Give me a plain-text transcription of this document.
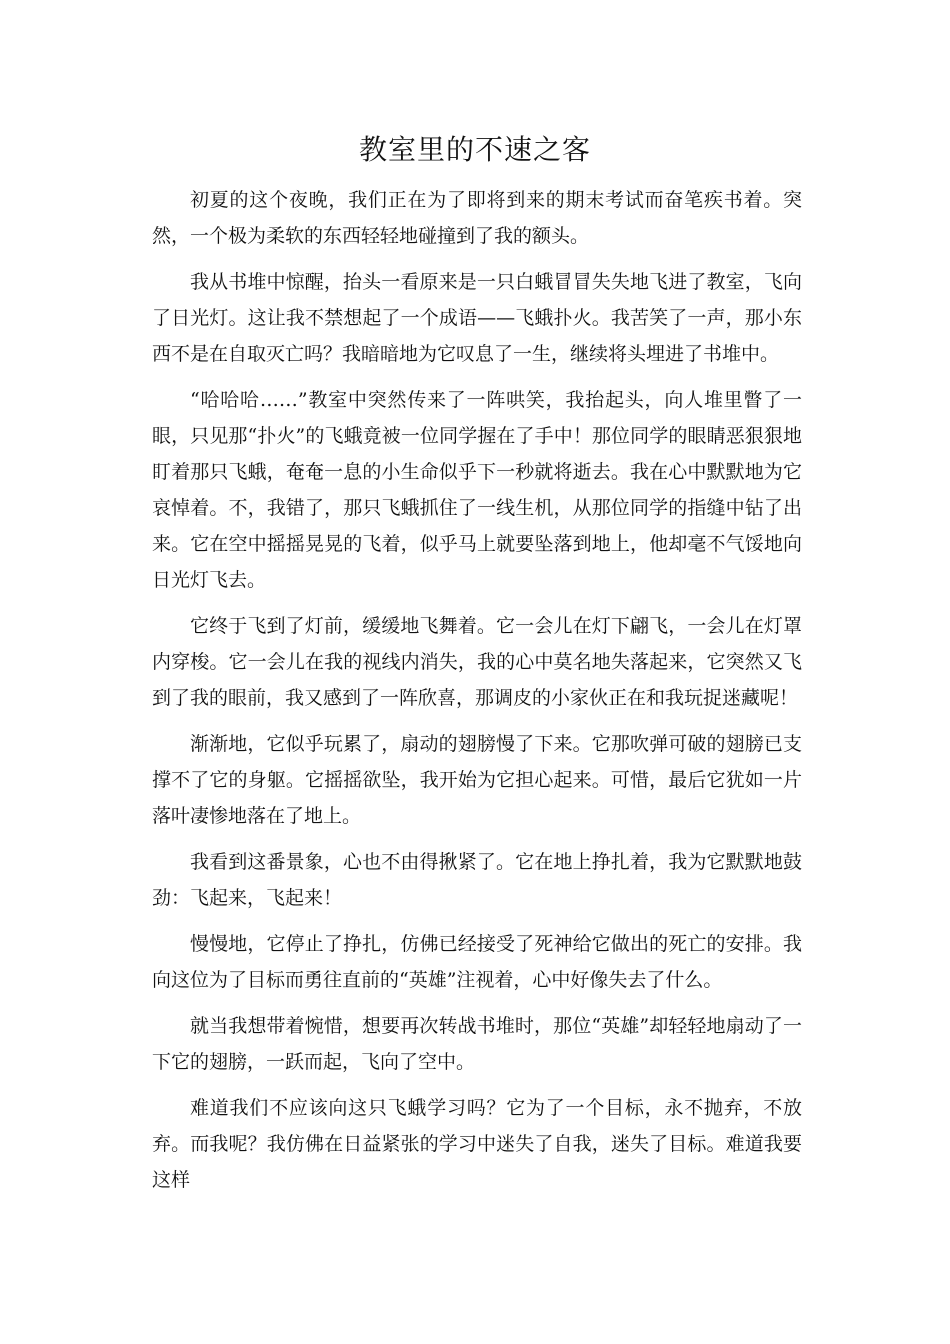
教室里的不速之客

初夏的这个夜晚，我们正在为了即将到来的期末考试而奋笔疾书着。突然，一个极为柔软的东西轻轻地碰撞到了我的额头。

我从书堆中惊醒，抬头一看原来是一只白蛾冒冒失失地飞进了教室，飞向了日光灯。这让我不禁想起了一个成语——飞蛾扑火。我苦笑了一声，那小东西不是在自取灭亡吗？我暗暗地为它叹息了一生，继续将头埋进了书堆中。

“哈哈哈……”教室中突然传来了一阵哄笑，我抬起头，向人堆里瞥了一眼，只见那“扑火”的飞蛾竟被一位同学握在了手中！那位同学的眼睛恶狠狠地盯着那只飞蛾，奄奄一息的小生命似乎下一秒就将逝去。我在心中默默地为它哀悼着。不，我错了，那只飞蛾抓住了一线生机，从那位同学的指缝中钻了出来。它在空中摇摇晃晃的飞着，似乎马上就要坠落到地上，他却毫不气馁地向日光灯飞去。

它终于飞到了灯前，缓缓地飞舞着。它一会儿在灯下翩飞，一会儿在灯罩内穿梭。它一会儿在我的视线内消失，我的心中莫名地失落起来，它突然又飞到了我的眼前，我又感到了一阵欣喜，那调皮的小家伙正在和我玩捉迷藏呢！

渐渐地，它似乎玩累了，扇动的翅膀慢了下来。它那吹弹可破的翅膀已支撑不了它的身躯。它摇摇欲坠，我开始为它担心起来。可惜，最后它犹如一片落叶凄惨地落在了地上。

我看到这番景象，心也不由得揪紧了。它在地上挣扎着，我为它默默地鼓劲：飞起来，飞起来！

慢慢地，它停止了挣扎，仿佛已经接受了死神给它做出的死亡的安排。我向这位为了目标而勇往直前的“英雄”注视着，心中好像失去了什么。

就当我想带着惋惜，想要再次转战书堆时，那位“英雄”却轻轻地扇动了一下它的翅膀，一跃而起，飞向了空中。

难道我们不应该向这只飞蛾学习吗？它为了一个目标，永不抛弃，不放弃。而我呢？我仿佛在日益紧张的学习中迷失了自我，迷失了目标。难道我要这样
